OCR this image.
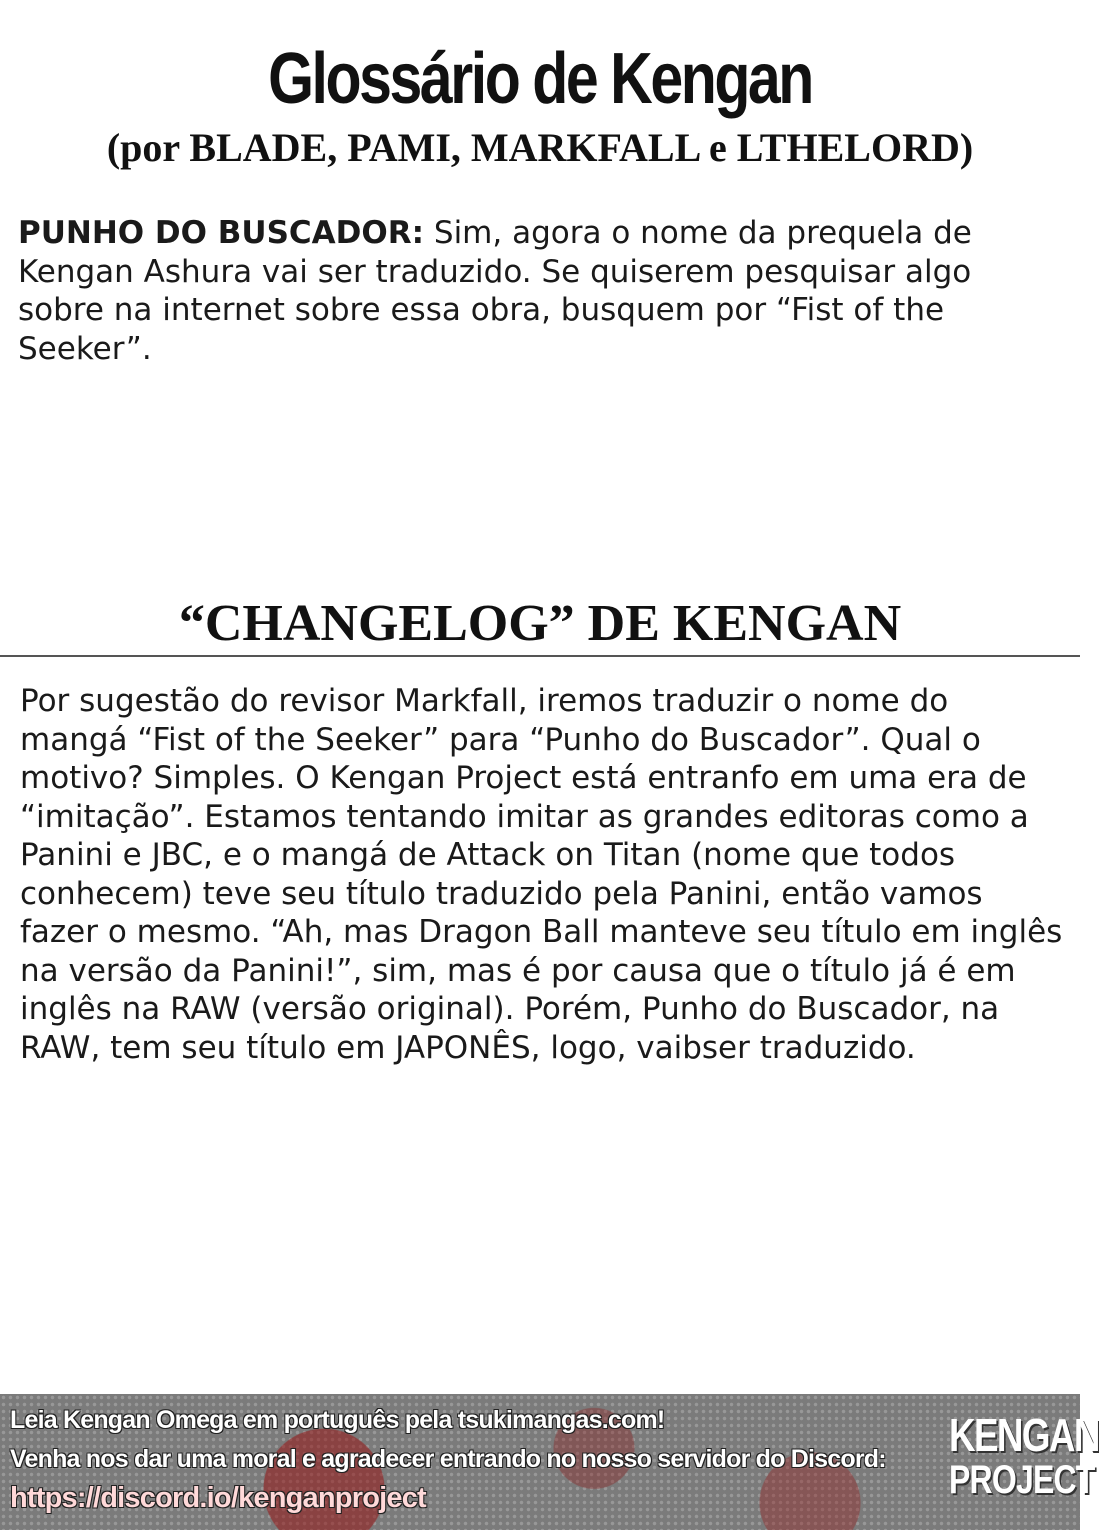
Glossário de Kengan
(por BLADE, PAMI, MARKFALL e LTHELORD)
PUNHO DO BUSCADOR: Sim, agora o nome da prequela de Kengan Ashura vai ser traduzido. Se quiserem pesquisar algo sobre na internet sobre essa obra, busquem por “Fist of the Seeker”.
“CHANGELOG” DE KENGAN
Por sugestão do revisor Markfall, iremos traduzir o nome do mangá “Fist of the Seeker” para “Punho do Buscador”. Qual o motivo? Simples. O Kengan Project está entranfo em uma era de “imitação”. Estamos tentando imitar as grandes editoras como a Panini e JBC, e o mangá de Attack on Titan (nome que todos conhecem) teve seu título traduzido pela Panini, então vamos fazer o mesmo. “Ah, mas Dragon Ball manteve seu título em inglês na versão da Panini!”, sim, mas é por causa que o título já é em inglês na RAW (versão original). Porém, Punho do Buscador, na RAW, tem seu título em JAPONÊS, logo, vaibser traduzido.
Leia Kengan Omega em português pela tsukimangas.com!
Venha nos dar uma moral e agradecer entrando no nosso servidor do Discord:
https://discord.io/kenganproject
KENGAN
PROJECT
